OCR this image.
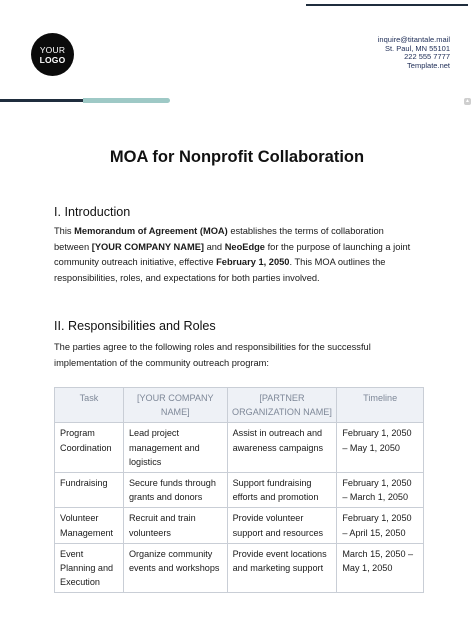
YOUR
LOGO
inquire@titantale.mail
St. Paul, MN 55101
222 555 7777
Template.net
▲
MOA for Nonprofit Collaboration
I. Introduction
This Memorandum of Agreement (MOA) establishes the terms of collaboration between [YOUR COMPANY NAME] and NeoEdge for the purpose of launching a joint community outreach initiative, effective February 1, 2050. This MOA outlines the responsibilities, roles, and expectations for both parties involved.
II. Responsibilities and Roles
The parties agree to the following roles and responsibilities for the successful implementation of the community outreach program:
Task	[YOUR COMPANY NAME]	[PARTNER ORGANIZATION NAME]	Timeline
Program Coordination	Lead project management and logistics	Assist in outreach and awareness campaigns	February 1, 2050 – May 1, 2050
Fundraising	Secure funds through grants and donors	Support fundraising efforts and promotion	February 1, 2050 – March 1, 2050
Volunteer Management	Recruit and train volunteers	Provide volunteer support and resources	February 1, 2050 – April 15, 2050
Event Planning and Execution	Organize community events and workshops	Provide event locations and marketing support	March 15, 2050 – May 1, 2050
